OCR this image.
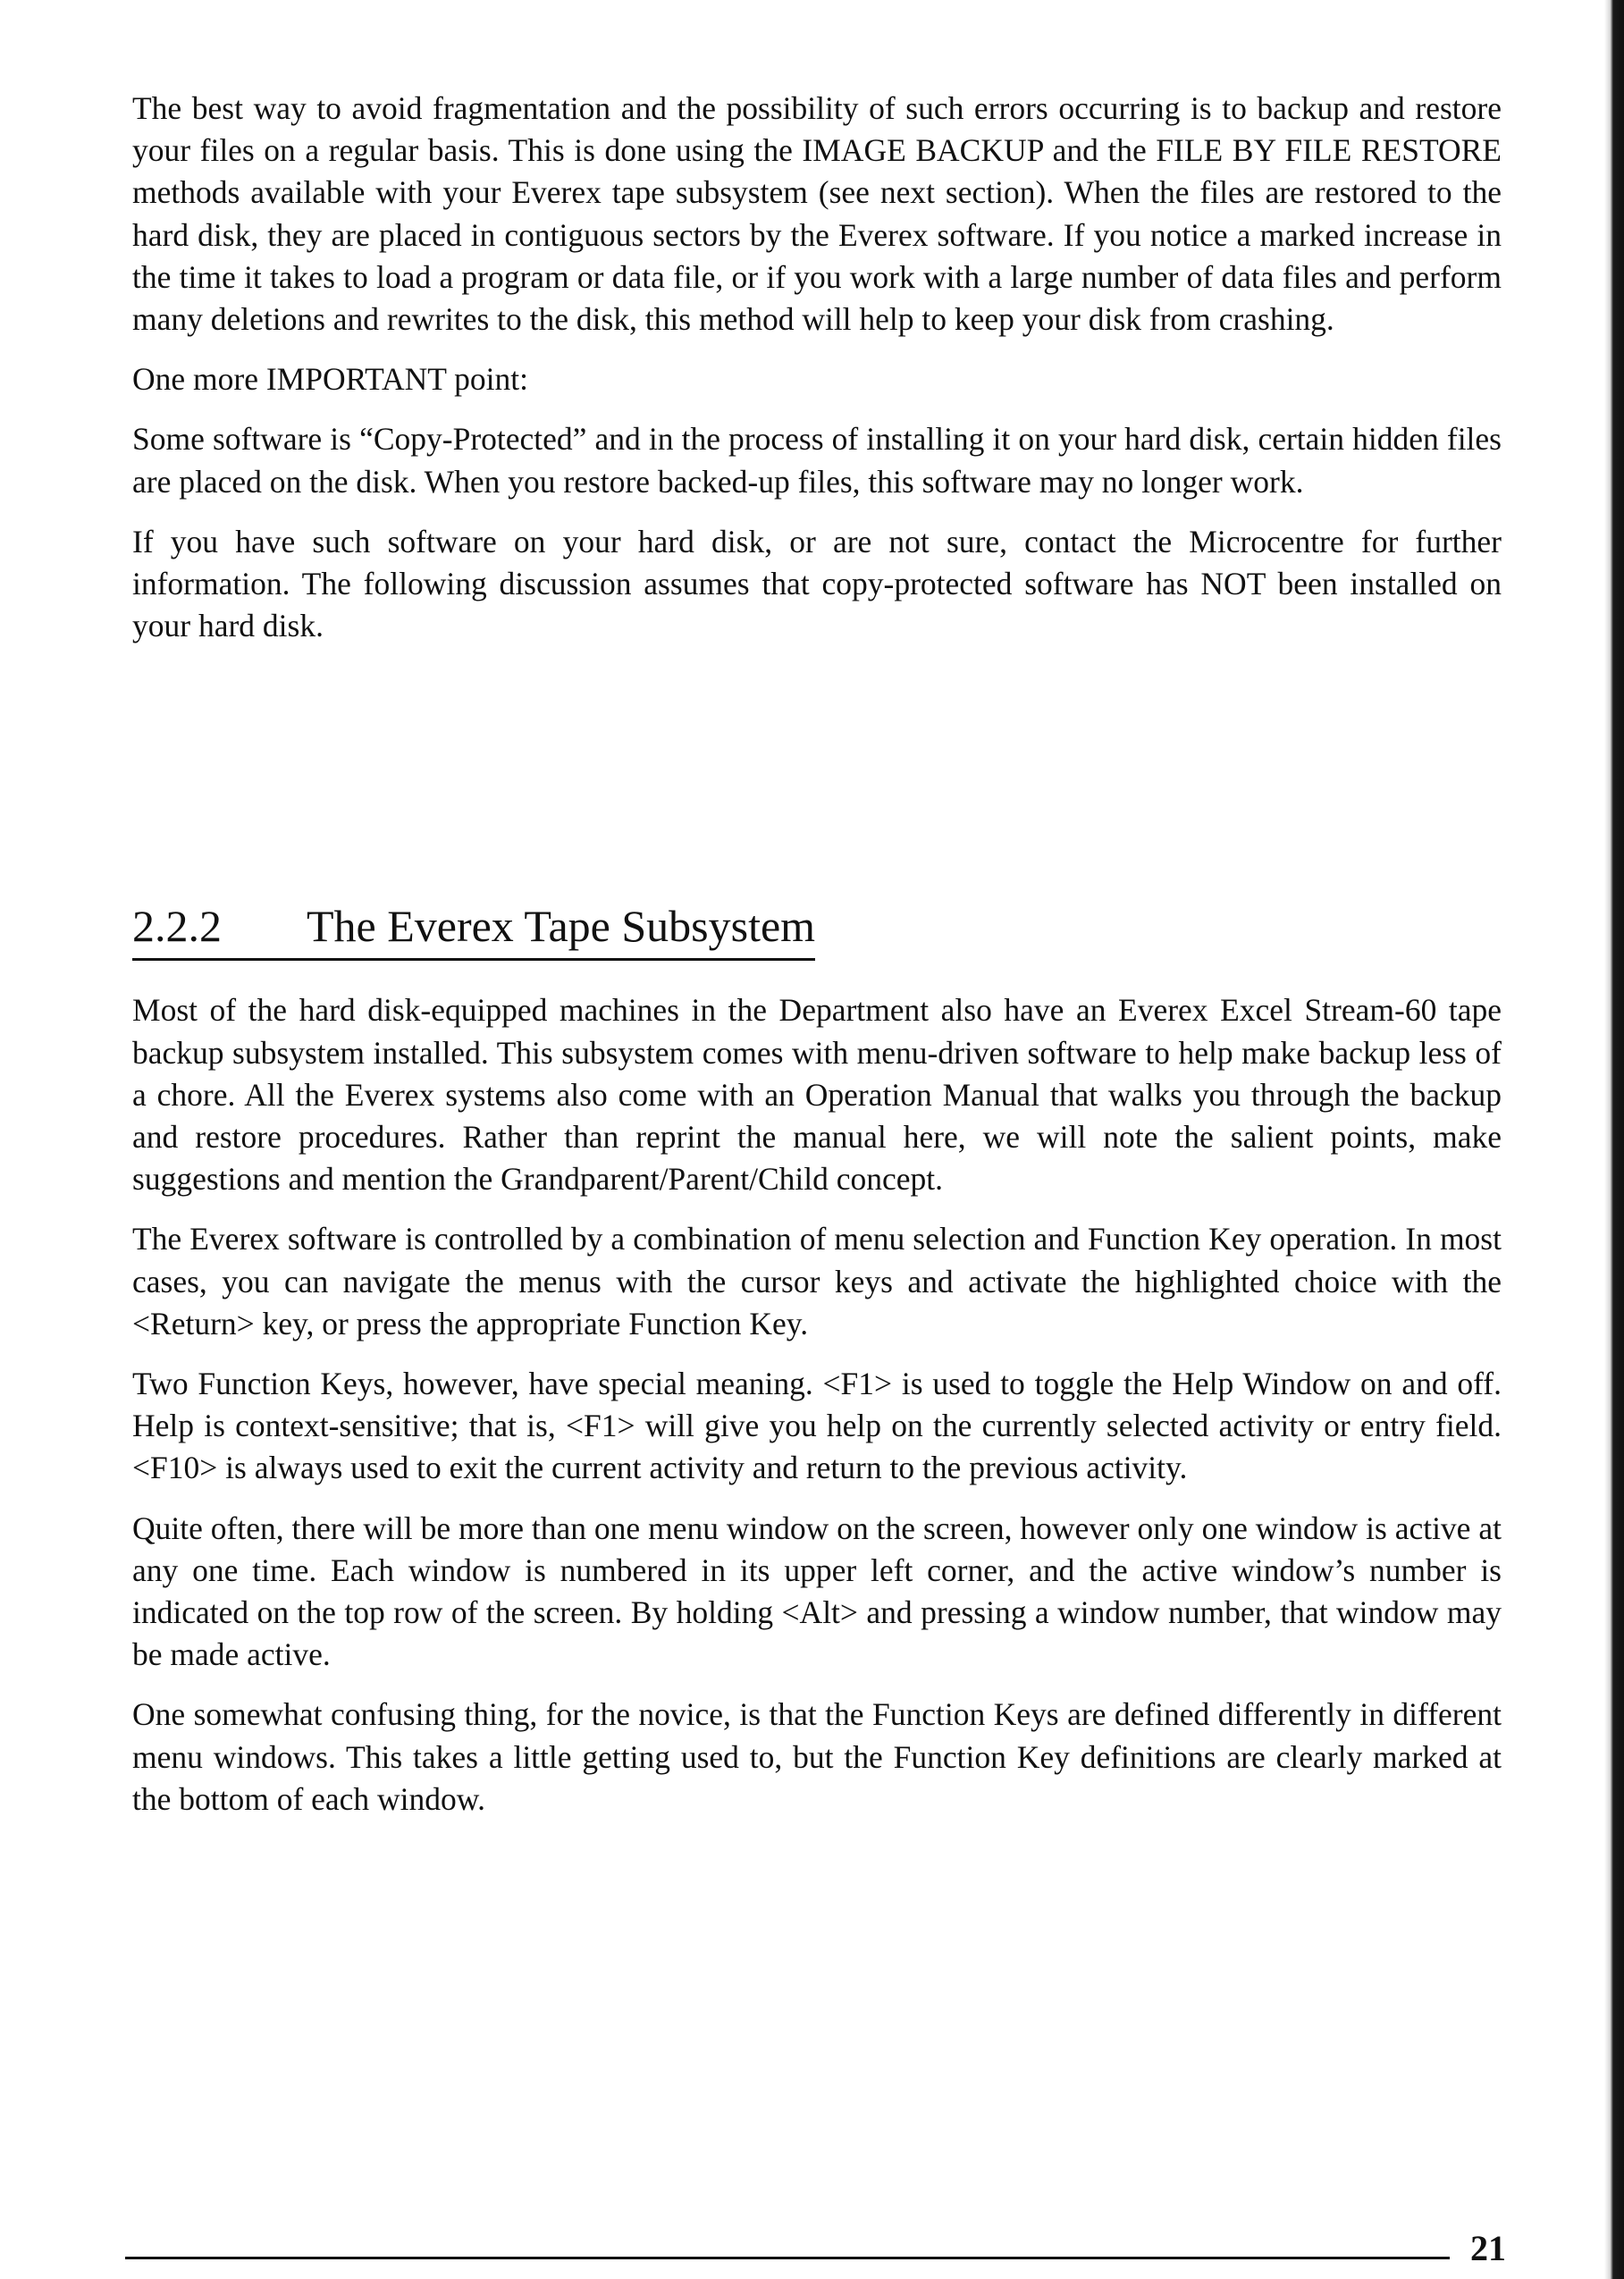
The best way to avoid fragmentation and the possibility of such errors occurring is to backup and restore your files on a regular basis. This is done using the IMAGE BACKUP and the FILE BY FILE RESTORE methods available with your Everex tape subsystem (see next section). When the files are restored to the hard disk, they are placed in contiguous sectors by the Everex software. If you notice a marked increase in the time it takes to load a program or data file, or if you work with a large number of data files and perform many deletions and rewrites to the disk, this method will help to keep your disk from crashing.

One more IMPORTANT point:

Some software is “Copy-Protected” and in the process of installing it on your hard disk, certain hidden files are placed on the disk. When you restore backed-up files, this software may no longer work.

If you have such software on your hard disk, or are not sure, contact the Microcentre for further information. The following discussion assumes that copy-protected software has NOT been installed on your hard disk.

2.2.2 The Everex Tape Subsystem

Most of the hard disk-equipped machines in the Department also have an Everex Excel Stream-60 tape backup subsystem installed. This subsystem comes with menu-driven software to help make backup less of a chore. All the Everex systems also come with an Operation Manual that walks you through the backup and restore procedures. Rather than reprint the manual here, we will note the salient points, make suggestions and mention the Grandparent/Parent/Child concept.

The Everex software is controlled by a combination of menu selection and Function Key operation. In most cases, you can navigate the menus with the cursor keys and activate the highlighted choice with the <Return> key, or press the appropriate Function Key.

Two Function Keys, however, have special meaning. <F1> is used to toggle the Help Window on and off. Help is context-sensitive; that is, <F1> will give you help on the currently selected activity or entry field. <F10> is always used to exit the current activity and return to the previous activity.

Quite often, there will be more than one menu window on the screen, however only one window is active at any one time. Each window is numbered in its upper left corner, and the active window’s number is indicated on the top row of the screen. By holding <Alt> and pressing a window number, that window may be made active.

One somewhat confusing thing, for the novice, is that the Function Keys are defined differently in different menu windows. This takes a little getting used to, but the Function Key definitions are clearly marked at the bottom of each window.

21
